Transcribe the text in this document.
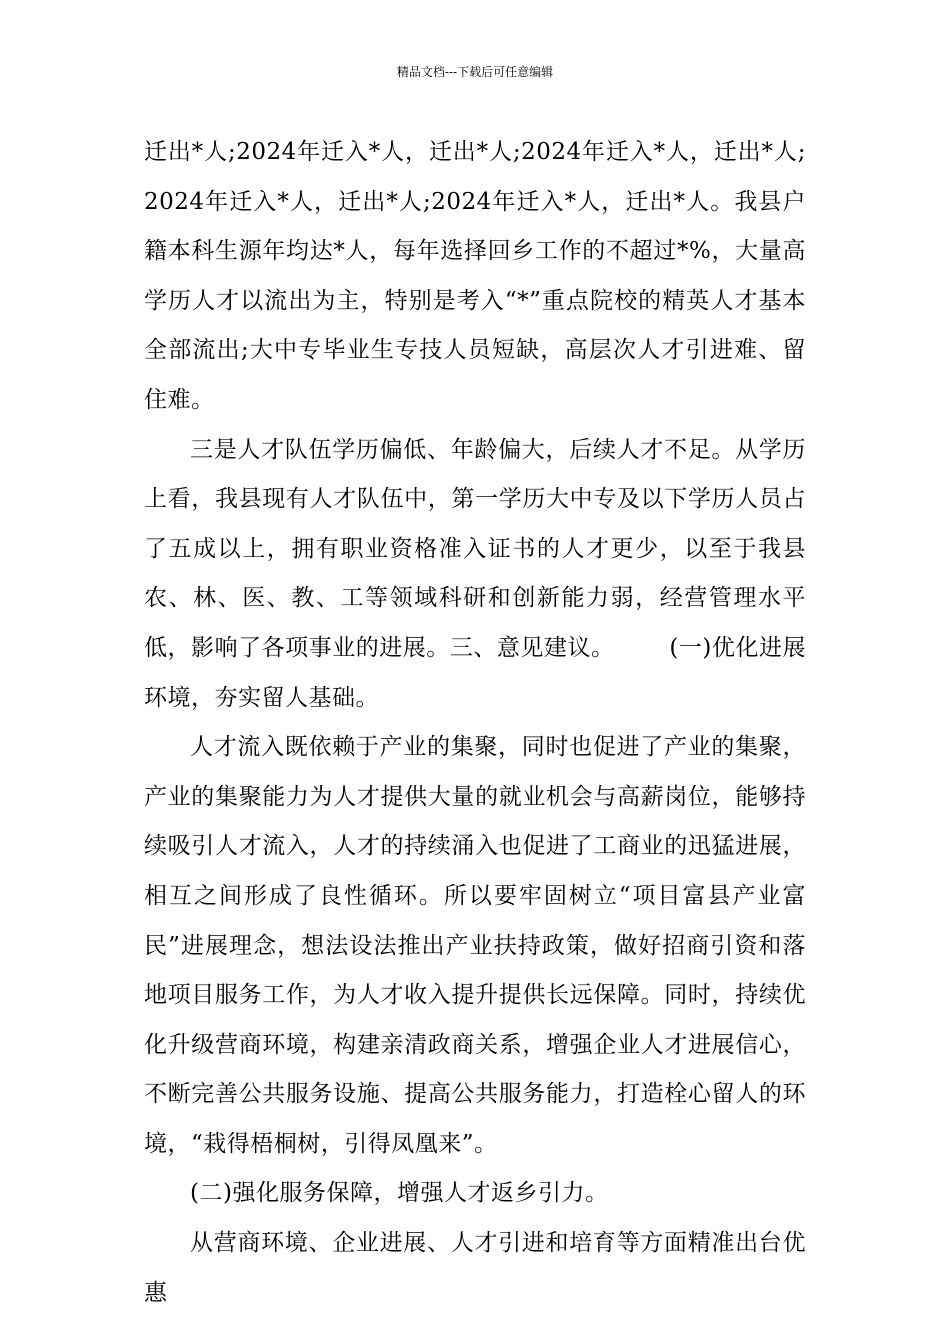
精品文档---下载后可任意编辑

迁出*人;2024年迁入*人，迁出*人;2024年迁入*人，迁出*人;2024年迁入*人，迁出*人;2024年迁入*人，迁出*人。我县户籍本科生源年均达*人，每年选择回乡工作的不超过*%，大量高学历人才以流出为主，特别是考入“*”重点院校的精英人才基本全部流出;大中专毕业生专技人员短缺，高层次人才引进难、留住难。

三是人才队伍学历偏低、年龄偏大，后续人才不足。从学历上看，我县现有人才队伍中，第一学历大中专及以下学历人员占了五成以上，拥有职业资格准入证书的人才更少，以至于我县农、林、医、教、工等领域科研和创新能力弱，经营管理水平低，影响了各项事业的进展。三、意见建议。 　　(一)优化进展环境，夯实留人基础。

人才流入既依赖于产业的集聚，同时也促进了产业的集聚，产业的集聚能力为人才提供大量的就业机会与高薪岗位，能够持续吸引人才流入，人才的持续涌入也促进了工商业的迅猛进展，相互之间形成了良性循环。所以要牢固树立“项目富县产业富民”进展理念，想法设法推出产业扶持政策，做好招商引资和落地项目服务工作，为人才收入提升提供长远保障。同时，持续优化升级营商环境，构建亲清政商关系，增强企业人才进展信心，不断完善公共服务设施、提高公共服务能力，打造栓心留人的环境，“栽得梧桐树，引得凤凰来”。

(二)强化服务保障，增强人才返乡引力。

从营商环境、企业进展、人才引进和培育等方面精准出台优惠
